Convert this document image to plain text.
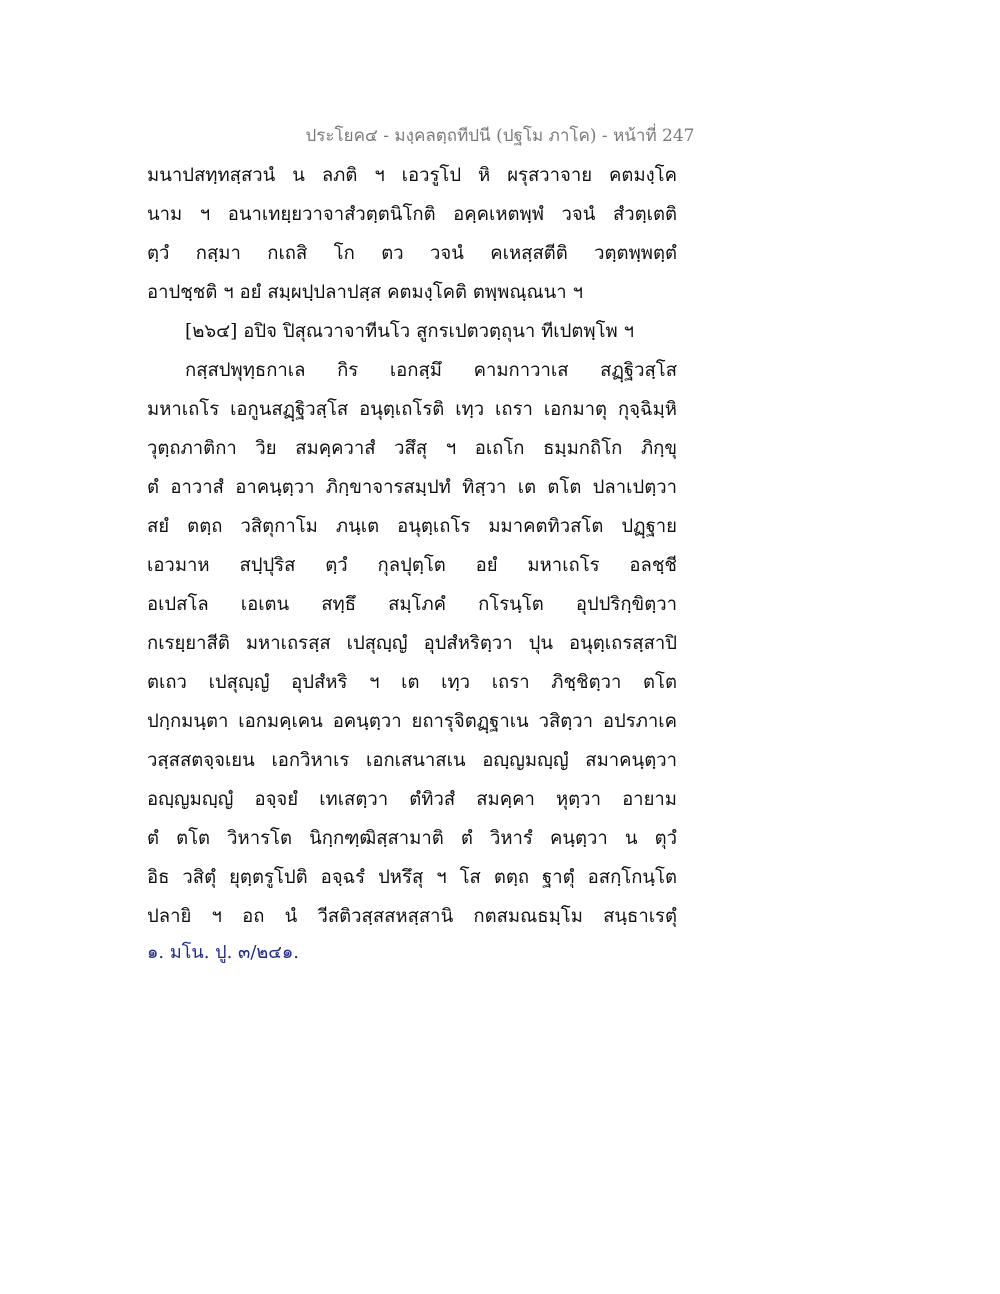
ประโยค๔ - มงฺคลตฺถทีปนี (ปฐโม ภาโค) - หน้าที่ 247
มนาปสทฺทสฺสวนํ น ลภติ ฯ เอวรูโป หิ ผรุสวาจาย คตมงฺโค
นาม ฯ อนาเทยฺยวาจาสํวตฺตนิโกติ อคฺคเหตพฺพํ วจนํ สํวตฺเตติ
ตฺวํ กสฺมา กเถสิ โก ตว วจนํ คเหสฺสตีติ วตฺตพฺพตฺตํ
อาปชฺชติ ฯ อยํ สมฺผปฺปลาปสฺส คตมงฺโคติ ตพฺพณฺณนา ฯ
[๒๖๔] อปิจ ปิสุณวาจาทีนโว สูกรเปตวตฺถุนา ทีเปตพฺโพ ฯ
กสฺสปพุทฺธกาเล กิร เอกสฺมึ คามกาวาเส สฏฺฐิวสฺโส
มหาเถโร เอกูนสฏฺฐิวสฺโส อนุตฺเถโรติ เทฺว เถรา เอกมาตุ กุจฺฉิมฺหิ
วุตฺถภาติกา วิย สมคฺควาสํ วสึสุ ฯ อเถโก ธมฺมกถิโก ภิกฺขุ
ตํ อาวาสํ อาคนฺตฺวา ภิกฺขาจารสมฺปทํ ทิสฺวา เต ตโต ปลาเปตฺวา
สยํ ตตฺถ วสิตุกาโม ภนฺเต อนุตฺเถโร มมาคตทิวสโต ปฏฺฐาย
เอวมาห สปฺปุริส ตฺวํ กุลปุตฺโต อยํ มหาเถโร อลชฺชี
อเปสโล เอเตน สทฺธึ สมฺโภคํ กโรนฺโต อุปปริกฺขิตฺวา
กเรยฺยาสีติ มหาเถรสฺส เปสุญฺญํ อุปสํหริตฺวา ปุน อนุตฺเถรสฺสาปิ
ตเถว เปสุญฺญํ อุปสํหริ ฯ เต เทฺว เถรา ภิชฺชิตฺวา ตโต
ปกฺกมนฺตา เอกมคฺเคน อคนฺตฺวา ยถารุจิตฏฺฐาเน วสิตฺวา อปรภาเค
วสฺสสตจฺจเยน เอกวิหาเร เอกเสนาสเน อญฺญมญฺญํ สมาคนฺตฺวา
อญฺญมญฺญํ อจฺจยํ เทเสตฺวา ตํทิวสํ สมคฺคา หุตฺวา อายาม
ตํ ตโต วิหารโต นิกฺกฑฺฒิสฺสามาติ ตํ วิหารํ คนฺตฺวา น ตุวํ
อิธ วสิตุํ ยุตฺตรูโปติ อจฺฉรํ ปหรึสุ ฯ โส ตตฺถ ฐาตุํ อสกฺโกนฺโต
ปลายิ ฯ อถ นํ วีสติวสฺสสหสฺสานิ กตสมณธมฺโม สนฺธาเรตุํ
๑. มโน. ปู. ๓/๒๔๑.
